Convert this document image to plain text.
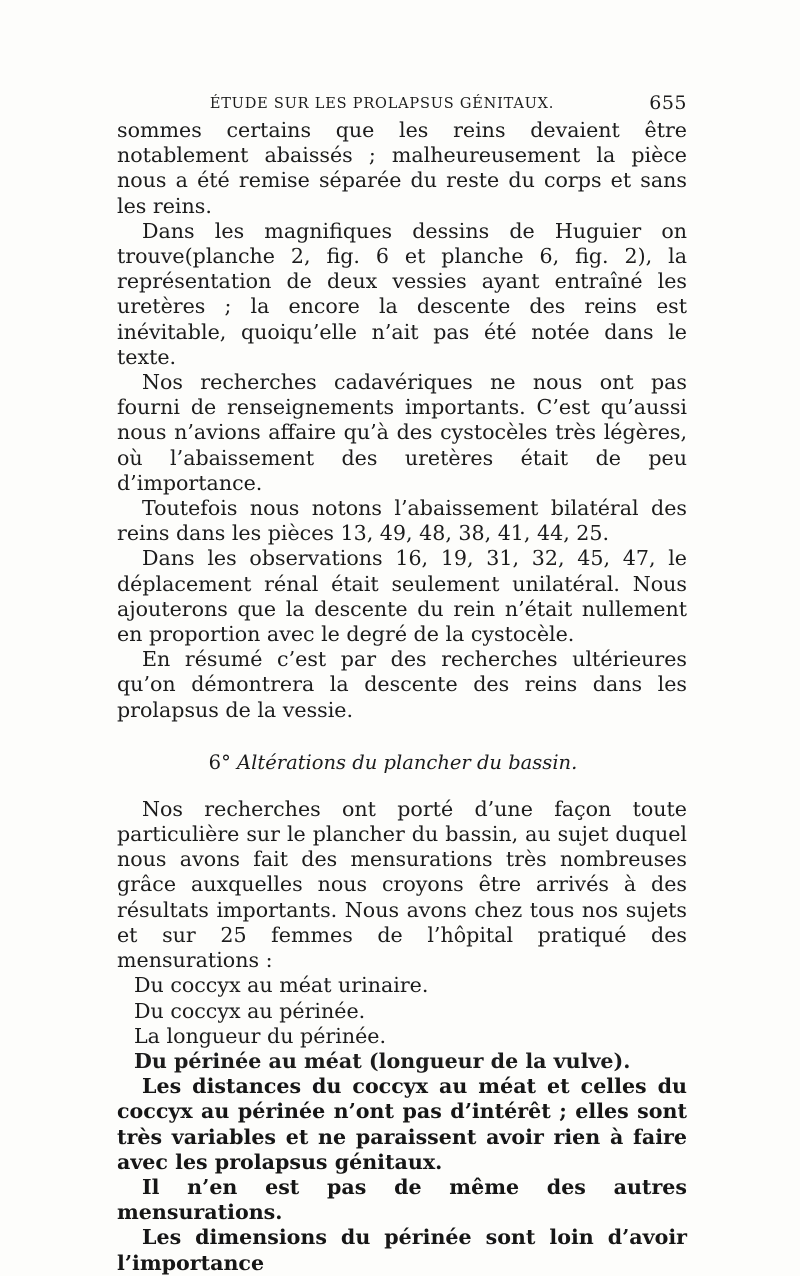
ÉTUDE SUR LES PROLAPSUS GÉNITAUX.	655

sommes certains que les reins devaient être notablement abaissés ; malheureusement la pièce nous a été remise séparée du reste du corps et sans les reins.

Dans les magnifiques dessins de Huguier on trouve(planche 2, fig. 6 et planche 6, fig. 2), la représentation de deux vessies ayant entraîné les uretères ; la encore la descente des reins est inévitable, quoiqu’elle n’ait pas été notée dans le texte.

Nos recherches cadavériques ne nous ont pas fourni de renseignements importants. C’est qu’aussi nous n’avions affaire qu’à des cystocèles très légères, où l’abaissement des uretères était de peu d’importance.

Toutefois nous notons l’abaissement bilatéral des reins dans les pièces 13, 49, 48, 38, 41, 44, 25.

Dans les observations 16, 19, 31, 32, 45, 47, le déplacement rénal était seulement unilatéral. Nous ajouterons que la descente du rein n’était nullement en proportion avec le degré de la cystocèle.

En résumé c’est par des recherches ultérieures qu’on démontrera la descente des reins dans les prolapsus de la vessie.

6° Altérations du plancher du bassin.

Nos recherches ont porté d’une façon toute particulière sur le plancher du bassin, au sujet duquel nous avons fait des mensurations très nombreuses grâce auxquelles nous croyons être arrivés à des résultats importants. Nous avons chez tous nos sujets et sur 25 femmes de l’hôpital pratiqué des mensurations :

Du coccyx au méat urinaire.
Du coccyx au périnée.
La longueur du périnée.
Du périnée au méat (longueur de la vulve).

Les distances du coccyx au méat et celles du coccyx au périnée n’ont pas d’intérêt ; elles sont très variables et ne paraissent avoir rien à faire avec les prolapsus génitaux.

Il n’en est pas de même des autres mensurations.

Les dimensions du périnée sont loin d’avoir l’importance
